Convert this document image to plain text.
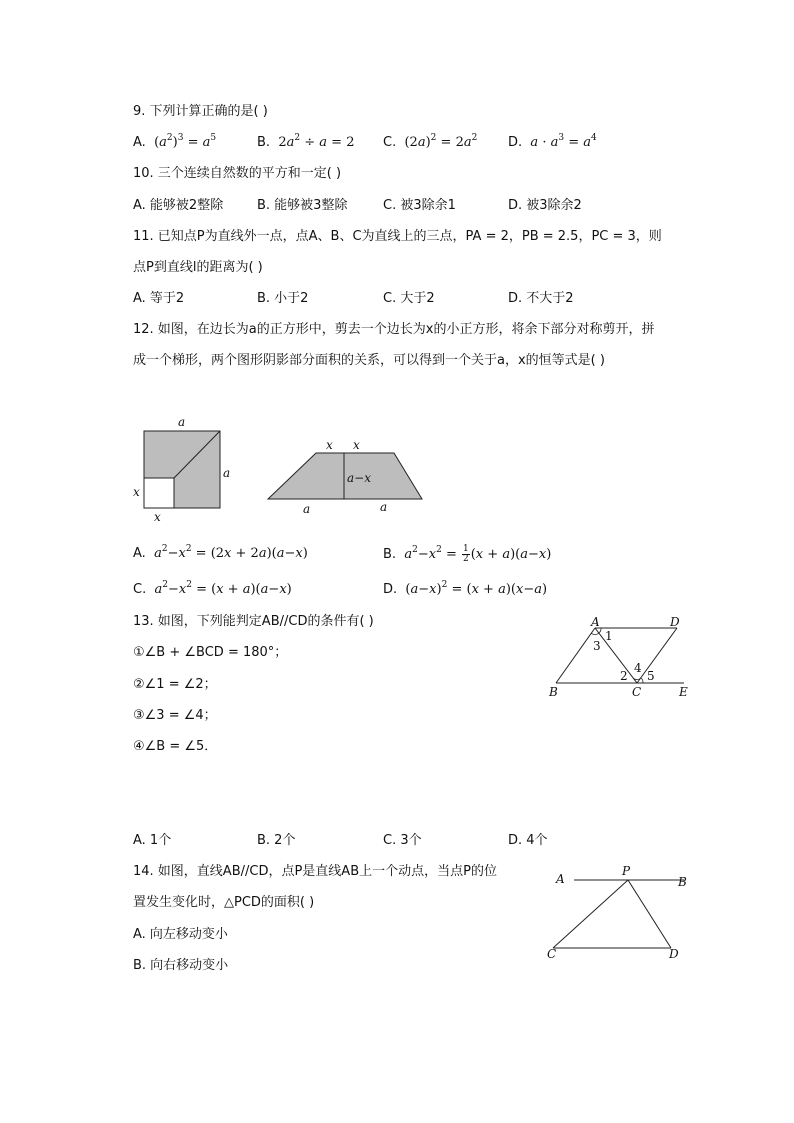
9. 下列计算正确的是( )
A.  $(a^2)^3 = a^5$	B.  $2a^2 \div a = 2$ C.  $(2a)^2 = 2a^2$ D.  $a \cdot a^3 = a^4$
10. 三个连续自然数的平方和一定( )
A. 能够被2整除	B. 能够被3整除	C. 被3除余1	D. 被3除余2
11. 已知点P为直线外一点，点A、B、C为直线上的三点，PA = 2，PB = 2.5，PC = 3，则
点P到直线l的距离为( )
A. 等于2	B. 小于2	C. 大于2	D. 不大于2
12. 如图，在边长为a的正方形中，剪去一个边长为x的小正方形，将余下部分对称剪开，拼
成一个梯形，两个图形阴影部分面积的关系，可以得到一个关于a，x的恒等式是( )
a
a
x
x
x x
a−x
a	a
A.  $a^2-x^2 = (2x + 2a)(a-x)$	B.  $a^2-x^2 = \frac{1}{2} (x + a)(a-x)$
C.  $a^2-x^2 = (x + a)(a-x)$	D.  $(a-x)^2 = (x + a)(x-a)$
13. 如图，下列能判定AB//CD的条件有( )
①∠B + ∠BCD = 180°；
②∠1 = ∠2；
③∠3 = ∠4；
④∠B = ∠5．
A	D
B	C	E
1
3
4
2 5
A. 1个	B. 2个	C. 3个	D. 4个
14. 如图，直线AB//CD，点P是直线AB上一个动点，当点P的位
置发生变化时，△PCD的面积( )
A. 向左移动变小
B. 向右移动变小
A
P
B
C	D
